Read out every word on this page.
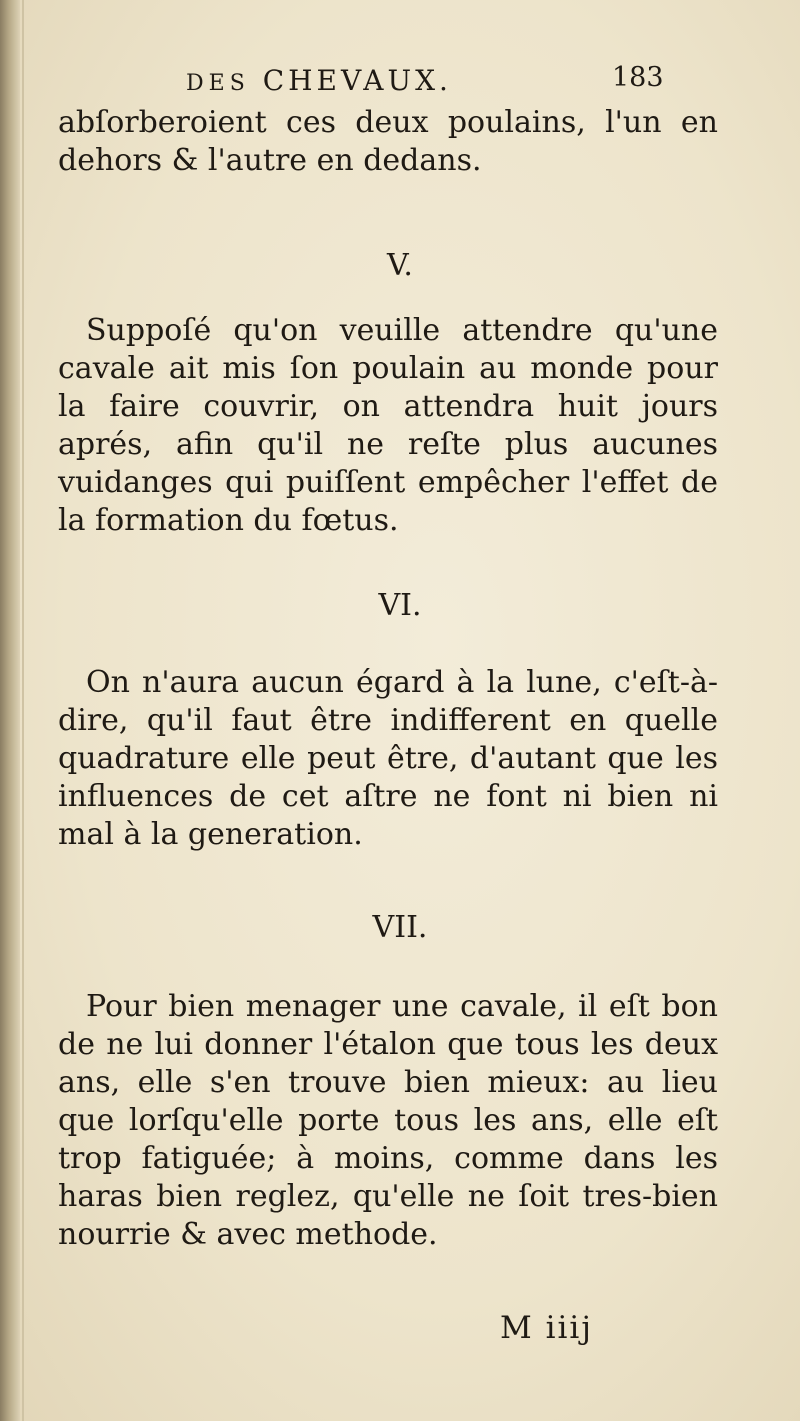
DES CHEVAUX.	183

abſorberoient ces deux poulains, l'un en dehors & l'autre en dedans.

V.

Suppoſé qu'on veuille attendre qu'une cavale ait mis ſon poulain au monde pour la faire couvrir, on attendra huit jours aprés, afin qu'il ne reſte plus aucunes vuidanges qui puiſſent empêcher l'effet de la formation du fœtus.

VI.

On n'aura aucun égard à la lune, c'eſt-à-dire, qu'il faut être indifferent en quelle quadrature elle peut être, d'autant que les influences de cet aſtre ne font ni bien ni mal à la generation.

VII.

Pour bien menager une cavale, il eſt bon de ne lui donner l'étalon que tous les deux ans, elle s'en trouve bien mieux: au lieu que lorſqu'elle porte tous les ans, elle eſt trop fatiguée; à moins, comme dans les haras bien reglez, qu'elle ne ſoit tres-bien nourrie & avec methode.

M iiij
